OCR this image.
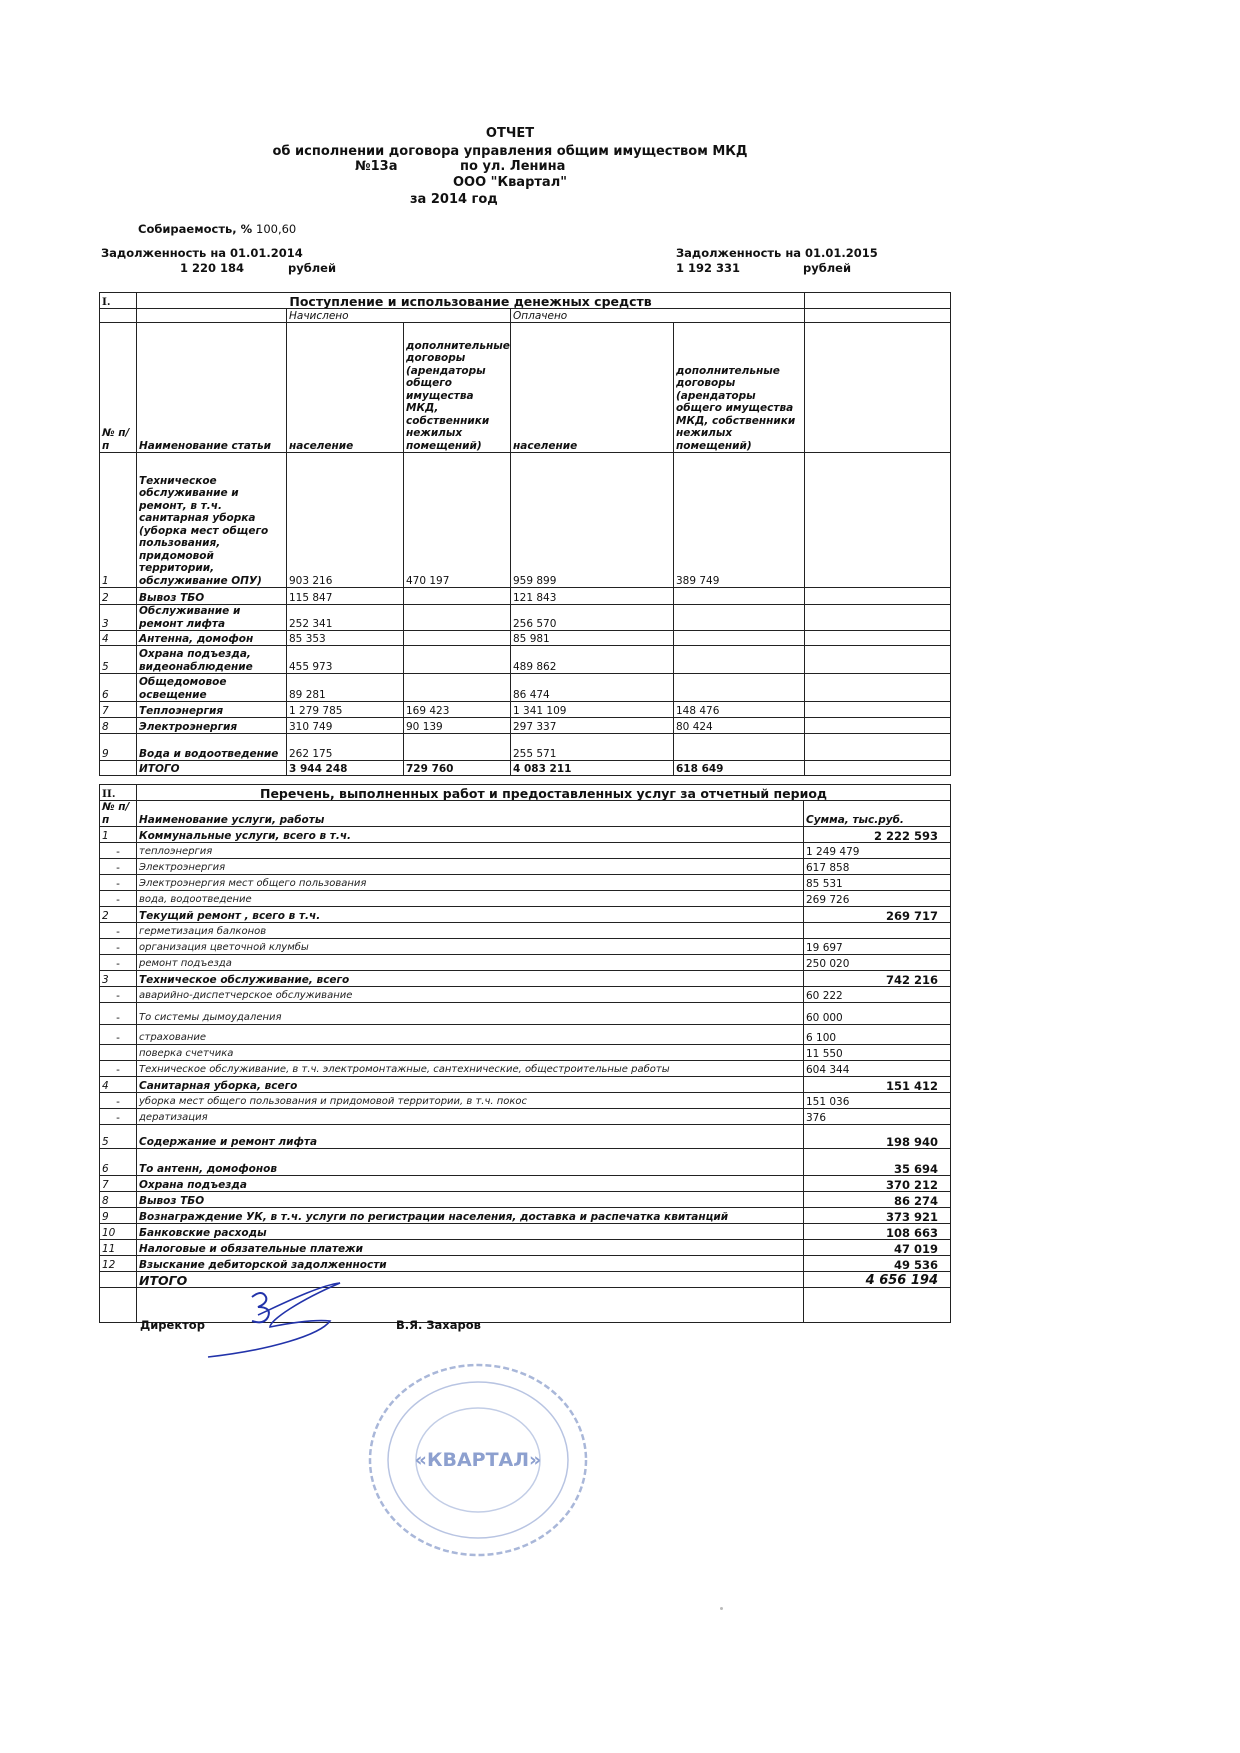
ОТЧЕТ
об исполнении договора управления общим имуществом МКД
№13а	по ул. Ленина
ООО "Квартал"
за 2014 год
Собираемость, % 100,60
Задолженность на 01.01.2014
1 220 184	рублей
Задолженность на 01.01.2015
1 192 331	рублей
I.	Поступление и использование денежных средств					
		Начислено		Оплачено		
№ п/п	Наименование статьи	население	дополнительные договоры (арендаторы общего имущества МКД, собственники нежилых помещений)	население	дополнительные договоры (арендаторы общего имущества МКД, собственники нежилых помещений)	
1	Техническое обслуживание и ремонт, в т.ч. санитарная уборка (уборка мест общего пользования, придомовой территории, обслуживание ОПУ)	903 216	470 197	959 899	389 749	
2	Вывоз ТБО	115 847		121 843		
3	Обслуживание и ремонт лифта	252 341		256 570		
4	Антенна, домофон	85 353		85 981		
5	Охрана подъезда, видеонаблюдение	455 973		489 862		
6	Общедомовое освещение	89 281		86 474		
7	Теплоэнергия	1 279 785	169 423	1 341 109	148 476	
8	Электроэнергия	310 749	90 139	297 337	80 424	
9	Вода и водоотведение	262 175		255 571		
	ИТОГО	3 944 248	729 760	4 083 211	618 649	
II.	Перечень, выполненных работ и предоставленных услуг за отчетный период	
№ п/п	Наименование услуги, работы	Сумма, тыс.руб.
1	Коммунальные услуги, всего в т.ч.	2 222 593
-	теплоэнергия	1 249 479
-	Электроэнергия	617 858
-	Электроэнергия мест общего пользования	85 531
-	вода, водоотведение	269 726
2	Текущий ремонт , всего в т.ч.	269 717
-	герметизация балконов	
-	организация цветочной клумбы	19 697
-	ремонт подъезда	250 020
3	Техническое обслуживание, всего	742 216
-	аварийно-диспетчерское обслуживание	60 222
-	То системы дымоудаления	60 000
-	страхование	6 100
	поверка счетчика	11 550
-	Техническое обслуживание, в т.ч. электромонтажные, сантехнические, общестроительные работы	604 344
4	Санитарная уборка, всего	151 412
-	уборка мест общего пользования и придомовой территории, в т.ч. покос	151 036
-	дератизация	376
5	Содержание и ремонт лифта	198 940
6	То антенн, домофонов	35 694
7	Охрана подъезда	370 212
8	Вывоз ТБО	86 274
9	Вознаграждение УК, в т.ч. услуги по регистрации населения, доставка и распечатка квитанций	373 921
10	Банковские расходы	108 663
11	Налоговые и обязательные платежи	47 019
12	Взыскание дебиторской задолженности	49 536
	ИТОГО	4 656 194

Директор	В.Я. Захаров
«КВАРТАЛ»
